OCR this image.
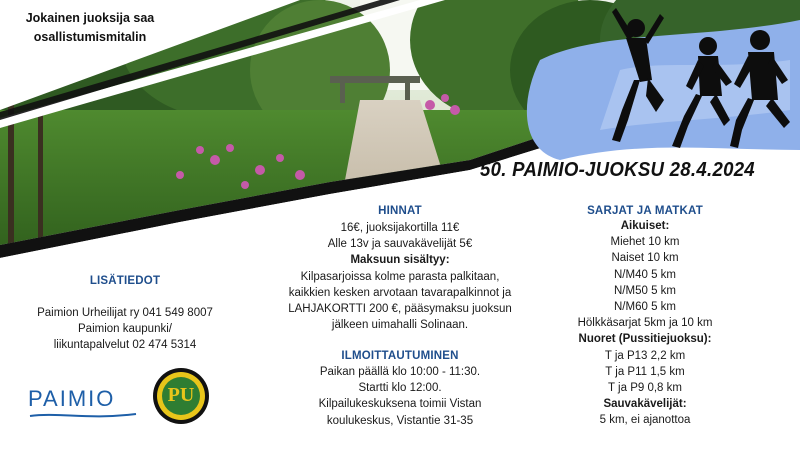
Jokainen juoksija saa
osallistumismitalin
50. PAIMIO-JUOKSU 28.4.2024
LISÄTIEDOT
Paimion Urheilijat ry 041 549 8007
Paimion kaupunki/
liikuntapalvelut 02 474 5314
PAIMIO	PU
HINNAT
16€, juoksijakortilla 11€
Alle 13v ja sauvakävelijät 5€
Maksuun sisältyy:
Kilpasarjoissa kolme parasta palkitaan,
kaikkien kesken arvotaan tavarapalkinnot ja
LAHJAKORTTI 200 €, pääsymaksu juoksun
jälkeen uimahalli Solinaan.
ILMOITTAUTUMINEN
Paikan päällä klo 10:00 - 11:30.
Startti klo 12:00.
Kilpailukeskuksena toimii Vistan
koulukeskus, Vistantie 31-35
SARJAT JA MATKAT
Aikuiset:
Miehet 10 km
Naiset 10 km
N/M40 5 km
N/M50 5 km
N/M60 5 km
Hölkkäsarjat 5km ja 10 km
Nuoret (Pussitiejuoksu):
T ja P13 2,2 km
T ja P11 1,5 km
T ja P9 0,8 km
Sauvakävelijät:
5 km, ei ajanottoa
